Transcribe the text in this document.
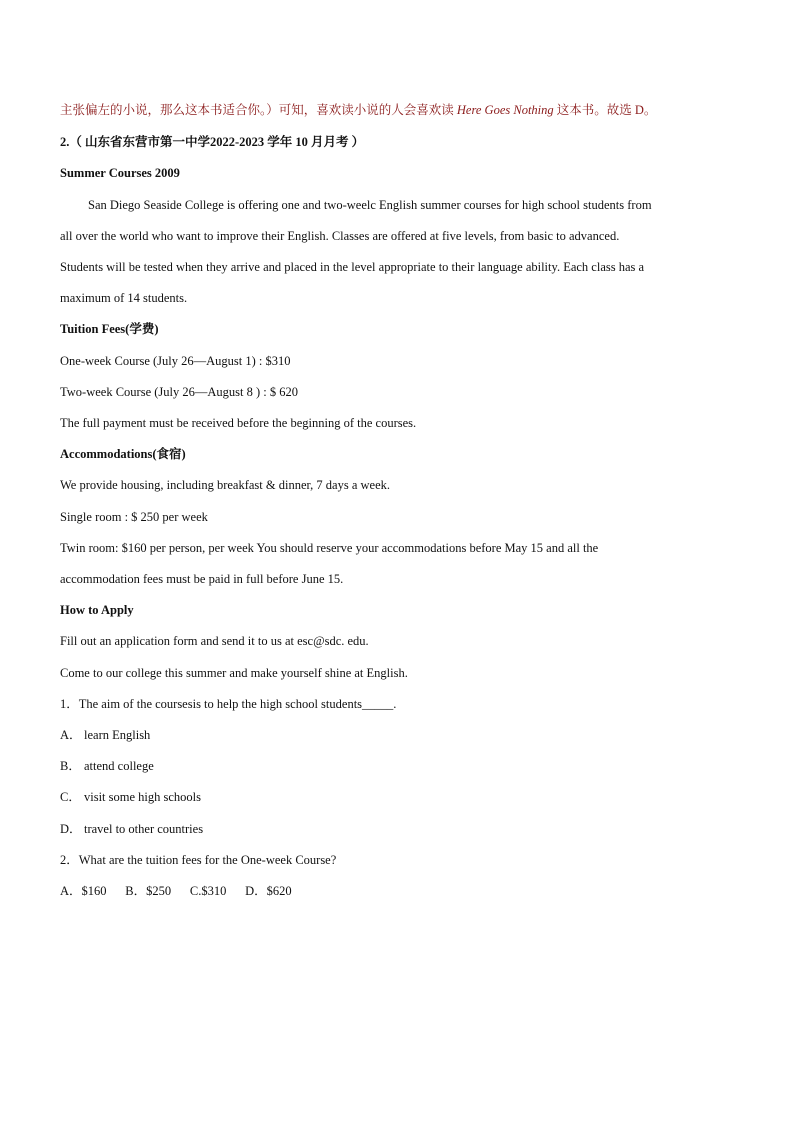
主张偏左的小说，那么这本书适合你。）可知，喜欢读小说的人会喜欢读 Here Goes Nothing 这本书。故选 D。
2.（ 山东省东营市第一中学2022-2023 学年 10 月月考 ）
Summer Courses 2009
San Diego Seaside College is offering one and two-weelc English summer courses for high school students from
all over the world who want to improve their English. Classes are offered at five levels, from basic to advanced.
Students will be tested when they arrive and placed in the level appropriate to their language ability. Each class has a
maximum of 14 students.
Tuition Fees(学费)
One-week Course (July 26—August 1) : $310
Two-week Course (July 26—August 8 ) : $ 620
The full payment must be received before the beginning of the courses.
Accommodations(食宿)
We provide housing, including breakfast & dinner, 7 days a week.
Single room : $ 250 per week
Twin room: $160 per person, per week You should reserve your accommodations before May 15 and all the
accommodation fees must be paid in full before June 15.
How to Apply
Fill out an application form and send it to us at esc@sdc. edu.
Come to our college this summer and make yourself shine at English.
1．The aim of the coursesis to help the high school students_____.
A． learn English
B． attend college
C． visit some high schools
D． travel to other countries
2．What are the tuition fees for the One-week Course?
A．$160      B．$250      C.$310      D．$620
